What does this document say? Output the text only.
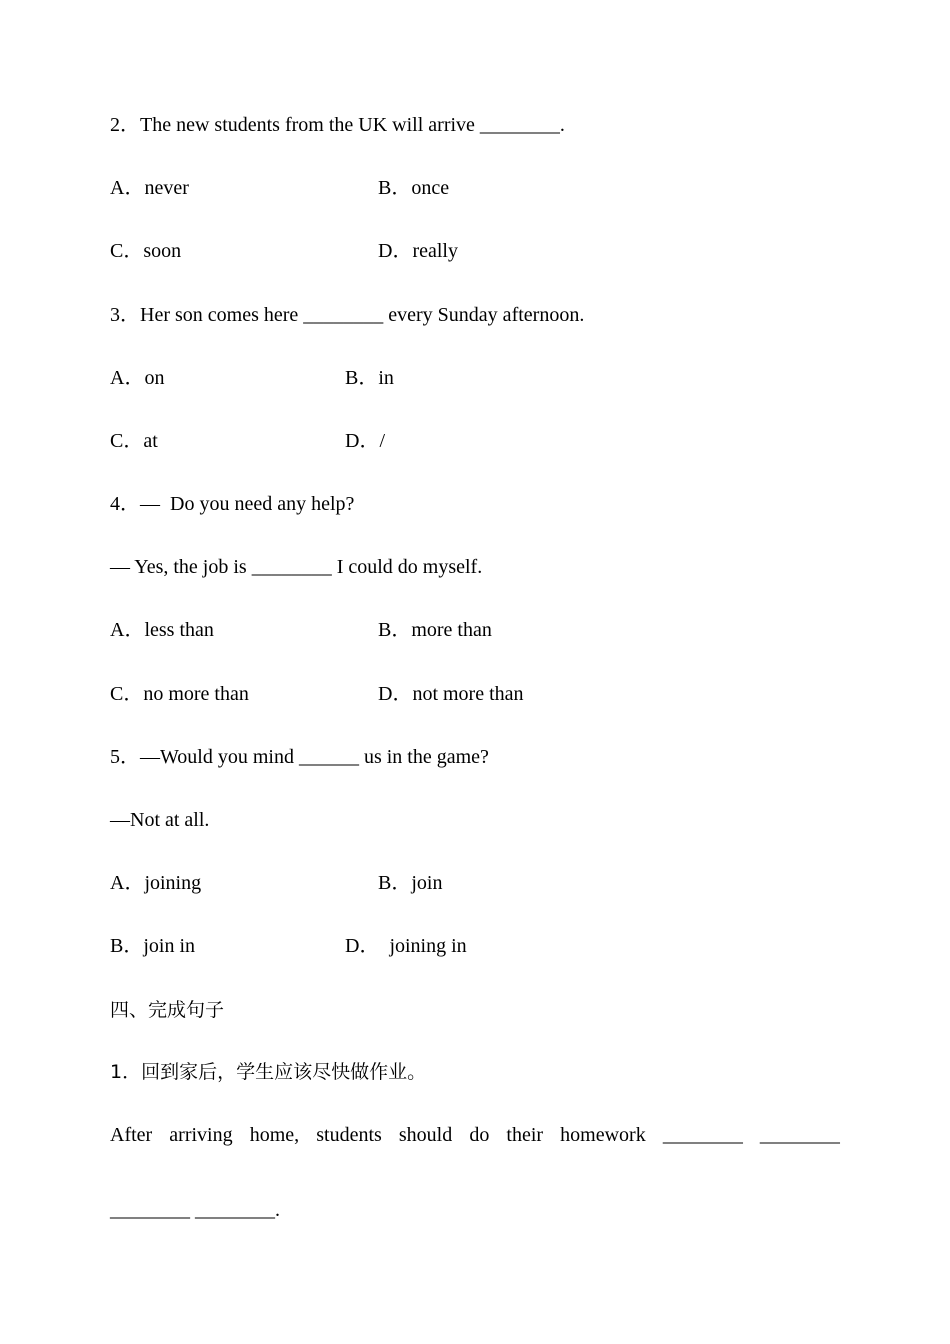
2．The new students from the UK will arrive ________.
A．never	B．once
C．soon	D．really
3．Her son comes here ________ every Sunday afternoon.
A．on	B．in
C．at	D．/
4．—  Do you need any help?
— Yes, the job is ________ I could do myself.
A．less than	B．more than
C．no more than	D．not more than
5．—Would you mind ______ us in the game?
—Not at all.
A．joining	B．join
B．join in	D．  joining in
四、完成句子
1．回到家后，学生应该尽快做作业。
After arriving home, students should do their homework ________ ________
________ ________.
